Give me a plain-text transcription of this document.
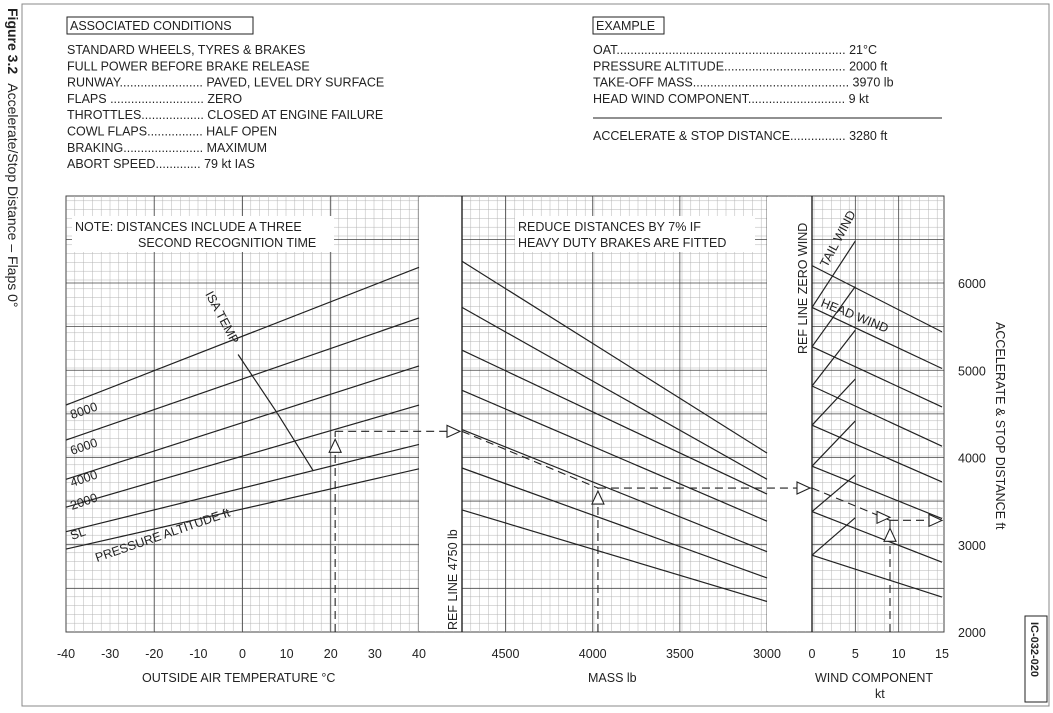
Figure 3.2 Accelerate/Stop Distance – Flaps 0°
IC-032-020
ASSOCIATED CONDITIONS
STANDARD WHEELS, TYRES & BRAKES
FULL POWER BEFORE BRAKE RELEASE
RUNWAY........................ PAVED, LEVEL DRY SURFACE
FLAPS ........................... ZERO
THROTTLES.................. CLOSED AT ENGINE FAILURE
COWL FLAPS................ HALF OPEN
BRAKING....................... MAXIMUM
ABORT SPEED............. 79 kt IAS
EXAMPLE
OAT.................................................................. 21°C
PRESSURE ALTITUDE................................... 2000 ft
TAKE-OFF MASS............................................. 3970 lb
HEAD WIND COMPONENT............................ 9 kt
ACCELERATE & STOP DISTANCE................ 3280 ft
2000
3000
4000
5000
6000
-40 -30 -20 -10	0	10 20 30 40	4500	4000	3500	3000 0	5	10 15
NOTE: DISTANCES INCLUDE A THREE
SECOND RECOGNITION TIME
REDUCE DISTANCES BY 7% IF
HEAVY DUTY BRAKES ARE FITTED
ISA TEMP
8000
6000
4000
2000
SL PRESSURE ALTITUDE ft	REF LINE 4750 lb
REF LINE ZERO WIND TAIL WIND
HEAD WIND
OUTSIDE AIR TEMPERATURE °C	MASS lb	WIND COMPONENT
kt
ACCELERATE & STOP DISTANCE ft
